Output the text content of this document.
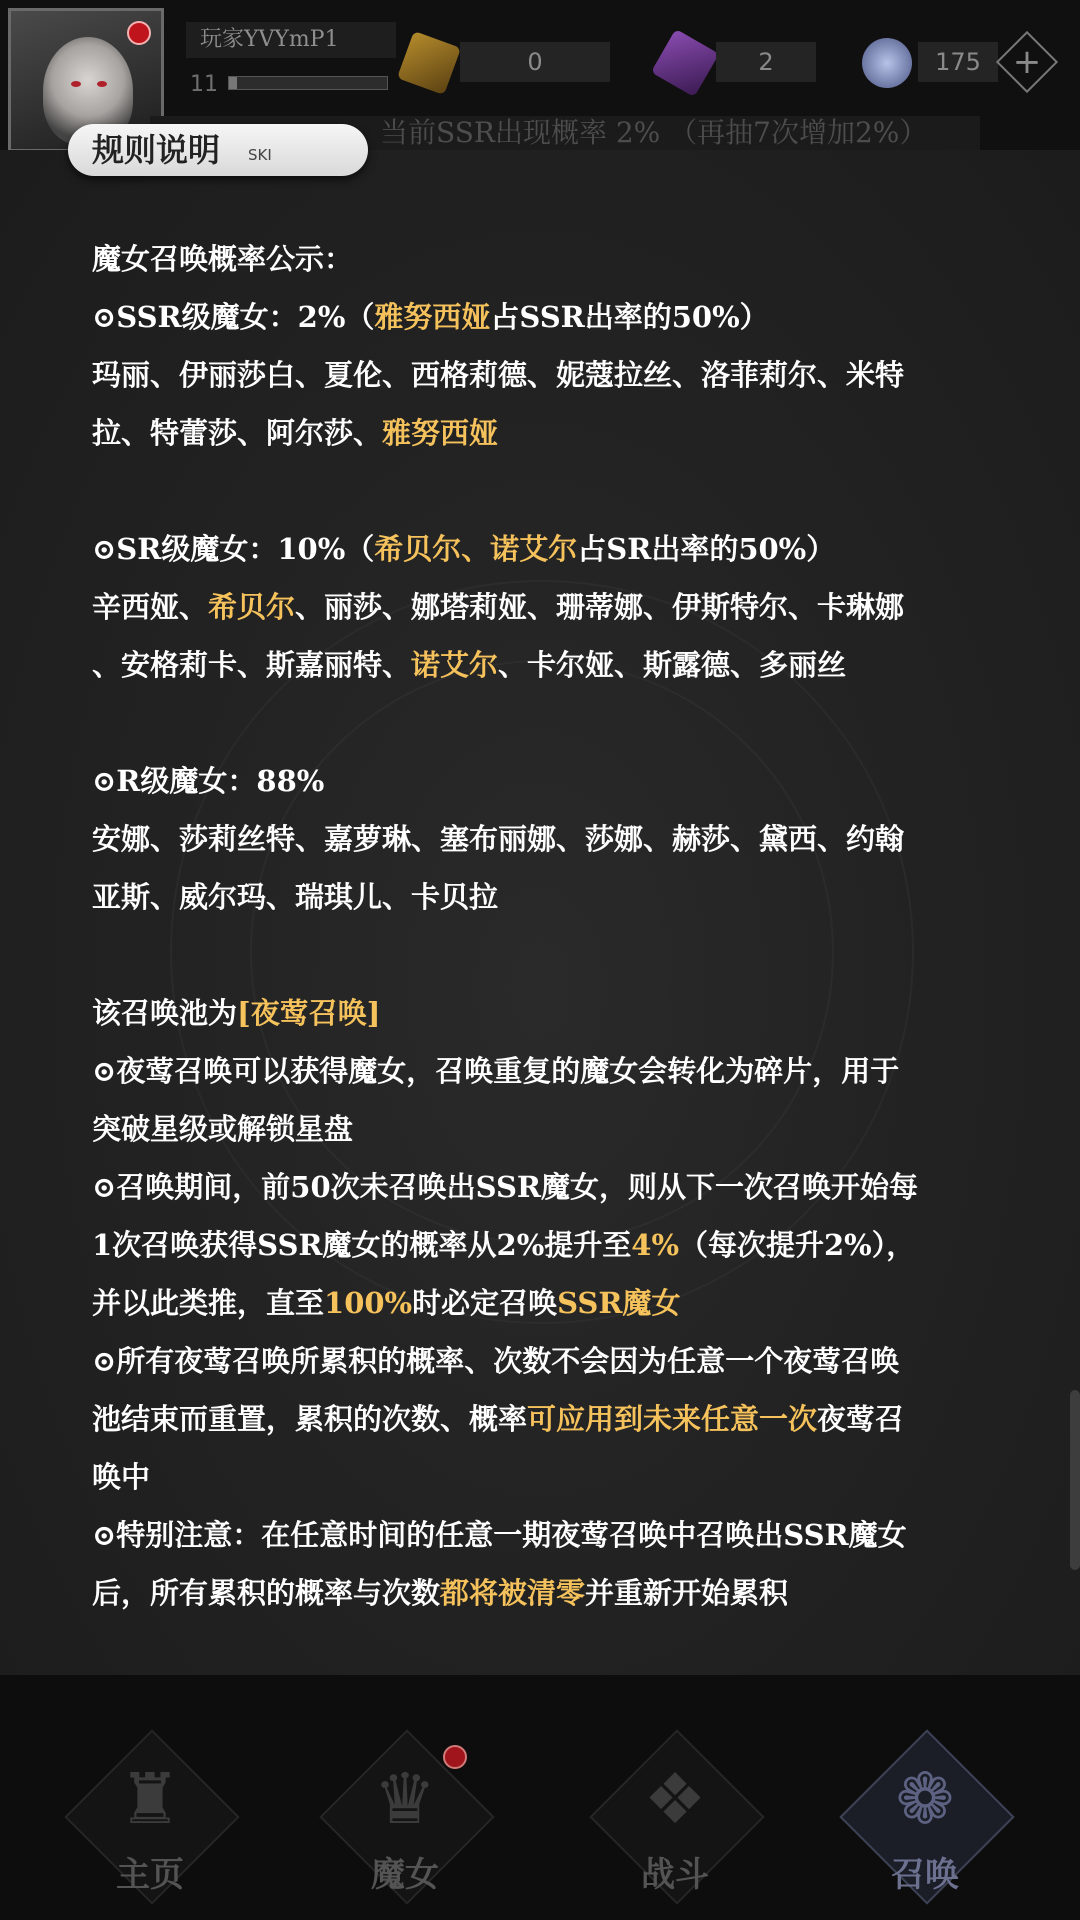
玩家YVYmP1
11
0	2	175 +
当前SSR出现概率 2% （再抽7次增加2%）
规则说明 SKI
魔女召唤概率公示：
⊙SSR级魔女：2%（雅努西娅占SSR出率的50%）
玛丽、伊丽莎白、夏伦、西格莉德、妮蔻拉丝、洛菲莉尔、米特
拉、特蕾莎、阿尔莎、雅努西娅
⊙SR级魔女：10%（希贝尔、诺艾尔占SR出率的50%）
辛西娅、希贝尔、丽莎、娜塔莉娅、珊蒂娜、伊斯特尔、卡琳娜
、安格莉卡、斯嘉丽特、诺艾尔、卡尔娅、斯露德、多丽丝
⊙R级魔女：88%
安娜、莎莉丝特、嘉萝琳、塞布丽娜、莎娜、赫莎、黛西、约翰
亚斯、威尔玛、瑞琪儿、卡贝拉
该召唤池为[夜莺召唤]
⊙夜莺召唤可以获得魔女，召唤重复的魔女会转化为碎片，用于
突破星级或解锁星盘
⊙召唤期间，前50次未召唤出SSR魔女，则从下一次召唤开始每
1次召唤获得SSR魔女的概率从2%提升至4%（每次提升2%），
并以此类推，直至100%时必定召唤SSR魔女
⊙所有夜莺召唤所累积的概率、次数不会因为任意一个夜莺召唤
池结束而重置，累积的次数、概率可应用到未来任意一次夜莺召
唤中
⊙特别注意：在任意时间的任意一期夜莺召唤中召唤出SSR魔女
后，所有累积的概率与次数都将被清零并重新开始累积
♜
主页
♛
魔女
❖
战斗
❁
召唤
